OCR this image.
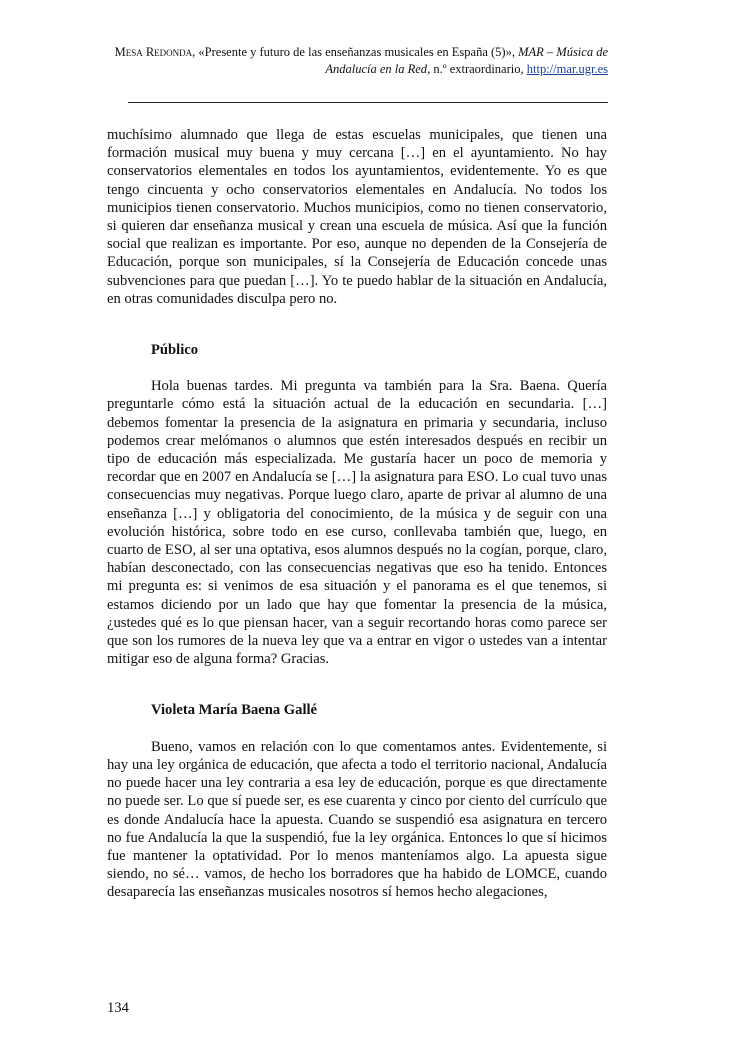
Mesa Redonda, «Presente y futuro de las enseñanzas musicales en España (5)», MAR – Música de Andalucía en la Red, n.º extraordinario, http://mar.ugr.es

muchísimo alumnado que llega de estas escuelas municipales, que tienen una formación musical muy buena y muy cercana […] en el ayuntamiento. No hay conservatorios elementales en todos los ayuntamientos, evidentemente. Yo es que tengo cincuenta y ocho conservatorios elementales en Andalucía. No todos los municipios tienen conservatorio. Muchos municipios, como no tienen conservatorio, si quieren dar enseñanza musical y crean una escuela de música. Así que la función social que realizan es importante. Por eso, aunque no dependen de la Consejería de Educación, porque son municipales, sí la Consejería de Educación concede unas subvenciones para que puedan […]. Yo te puedo hablar de la situación en Andalucía, en otras comunidades disculpa pero no.

Público

Hola buenas tardes. Mi pregunta va también para la Sra. Baena. Quería preguntarle cómo está la situación actual de la educación en secundaria. […] debemos fomentar la presencia de la asignatura en primaria y secundaria, incluso podemos crear melómanos o alumnos que estén interesados después en recibir un tipo de educación más especializada. Me gustaría hacer un poco de memoria y recordar que en 2007 en Andalucía se […] la asignatura para ESO. Lo cual tuvo unas consecuencias muy negativas. Porque luego claro, aparte de privar al alumno de una enseñanza […] y obligatoria del conocimiento, de la música y de seguir con una evolución histórica, sobre todo en ese curso, conllevaba también que, luego, en cuarto de ESO, al ser una optativa, esos alumnos después no la cogían, porque, claro, habían desconectado, con las consecuencias negativas que eso ha tenido. Entonces mi pregunta es: si venimos de esa situación y el panorama es el que tenemos, si estamos diciendo por un lado que hay que fomentar la presencia de la música, ¿ustedes qué es lo que piensan hacer, van a seguir recortando horas como parece ser que son los rumores de la nueva ley que va a entrar en vigor o ustedes van a intentar mitigar eso de alguna forma? Gracias.

Violeta María Baena Gallé

Bueno, vamos en relación con lo que comentamos antes. Evidentemente, si hay una ley orgánica de educación, que afecta a todo el territorio nacional, Andalucía no puede hacer una ley contraria a esa ley de educación, porque es que directamente no puede ser. Lo que sí puede ser, es ese cuarenta y cinco por ciento del currículo que es donde Andalucía hace la apuesta. Cuando se suspendió esa asignatura en tercero no fue Andalucía la que la suspendió, fue la ley orgánica. Entonces lo que sí hicimos fue mantener la optatividad. Por lo menos manteníamos algo. La apuesta sigue siendo, no sé… vamos, de hecho los borradores que ha habido de LOMCE, cuando desaparecía las enseñanzas musicales nosotros sí hemos hecho alegaciones,

134
